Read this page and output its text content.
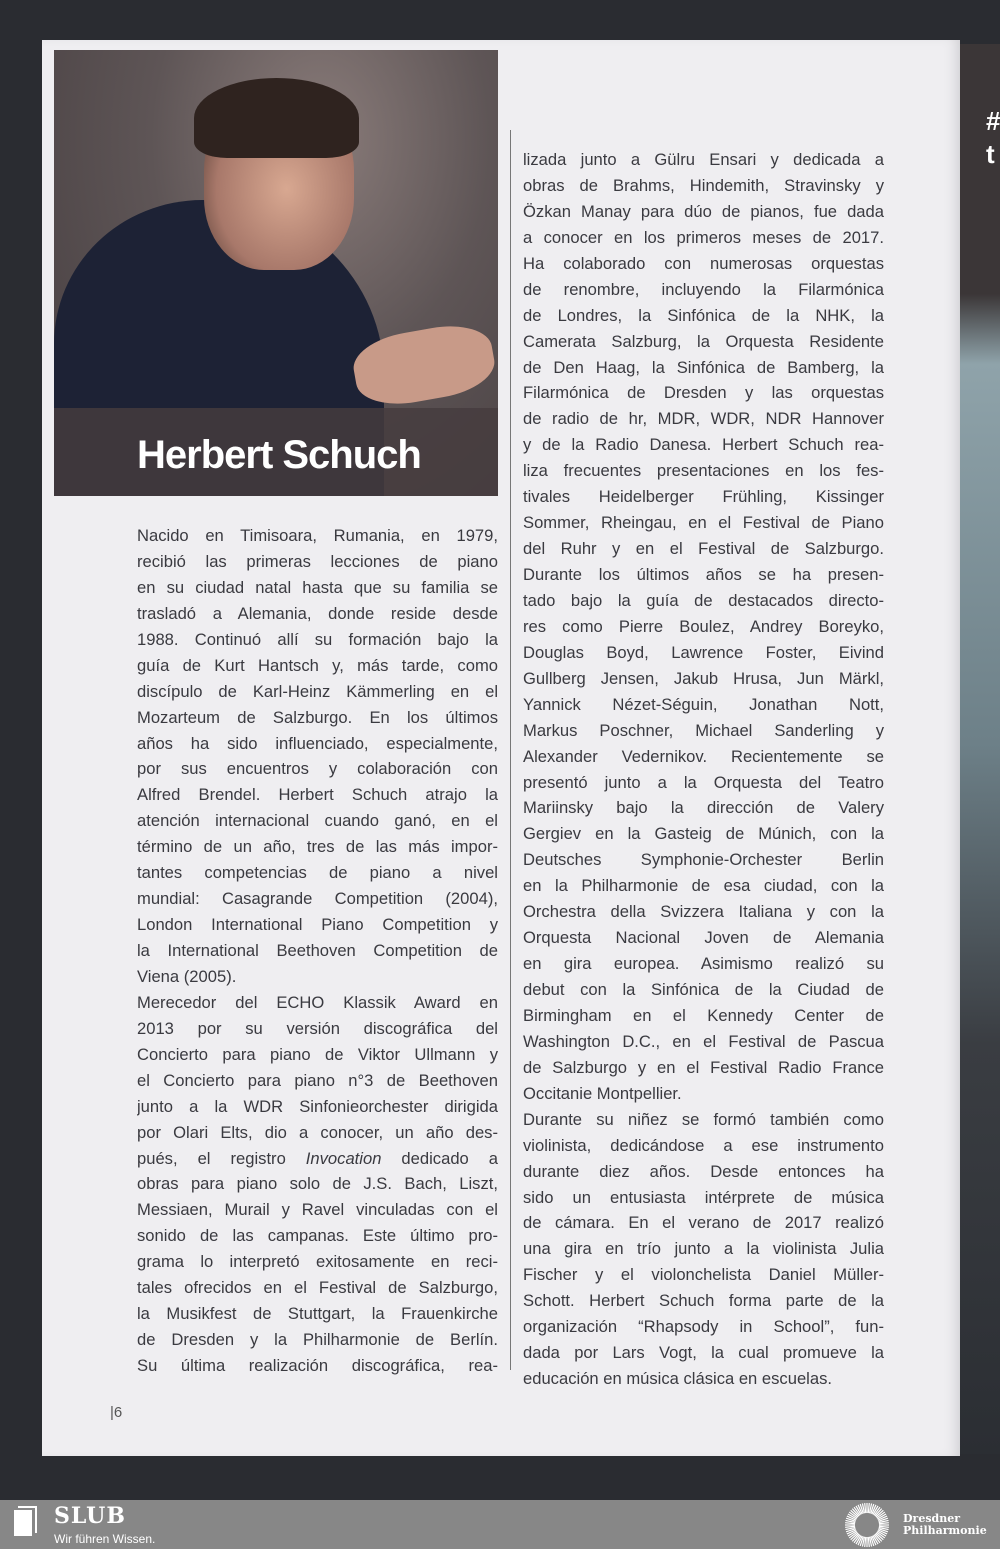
#
t
Herbert Schuch
Nacido en Timisoara, Rumania, en 1979,
recibió las primeras lecciones de piano
en su ciudad natal hasta que su familia se
trasladó a Alemania, donde reside desde
1988. Continuó allí su formación bajo la
guía de Kurt Hantsch y, más tarde, como
discípulo de Karl-Heinz Kämmerling en el
Mozarteum de Salzburgo. En los últimos
años ha sido influenciado, especialmente,
por sus encuentros y colaboración con
Alfred Brendel. Herbert Schuch atrajo la
atención internacional cuando ganó, en el
término de un año, tres de las más impor-
tantes competencias de piano a nivel
mundial: Casagrande Competition (2004),
London International Piano Competition y
la International Beethoven Competition de
Viena (2005).
Merecedor del ECHO Klassik Award en
2013 por su versión discográfica del
Concierto para piano de Viktor Ullmann y
el Concierto para piano n°3 de Beethoven
junto a la WDR Sinfonieorchester dirigida
por Olari Elts, dio a conocer, un año des-
pués, el registro Invocation dedicado a
obras para piano solo de J.S. Bach, Liszt,
Messiaen, Murail y Ravel vinculadas con el
sonido de las campanas. Este último pro-
grama lo interpretó exitosamente en reci-
tales ofrecidos en el Festival de Salzburgo,
la Musikfest de Stuttgart, la Frauenkirche
de Dresden y la Philharmonie de Berlín.
Su última realización discográfica, rea-
lizada junto a Gülru Ensari y dedicada a
obras de Brahms, Hindemith, Stravinsky y
Özkan Manay para dúo de pianos, fue dada
a conocer en los primeros meses de 2017.
Ha colaborado con numerosas orquestas
de renombre, incluyendo la Filarmónica
de Londres, la Sinfónica de la NHK, la
Camerata Salzburg, la Orquesta Residente
de Den Haag, la Sinfónica de Bamberg, la
Filarmónica de Dresden y las orquestas
de radio de hr, MDR, WDR, NDR Hannover
y de la Radio Danesa. Herbert Schuch rea-
liza frecuentes presentaciones en los fes-
tivales Heidelberger Frühling, Kissinger
Sommer, Rheingau, en el Festival de Piano
del Ruhr y en el Festival de Salzburgo.
Durante los últimos años se ha presen-
tado bajo la guía de destacados directo-
res como Pierre Boulez, Andrey Boreyko,
Douglas Boyd, Lawrence Foster, Eivind
Gullberg Jensen, Jakub Hrusa, Jun Märkl,
Yannick Nézet-Séguin, Jonathan Nott,
Markus Poschner, Michael Sanderling y
Alexander Vedernikov. Recientemente se
presentó junto a la Orquesta del Teatro
Mariinsky bajo la dirección de Valery
Gergiev en la Gasteig de Múnich, con la
Deutsches Symphonie-Orchester Berlin
en la Philharmonie de esa ciudad, con la
Orchestra della Svizzera Italiana y con la
Orquesta Nacional Joven de Alemania
en gira europea. Asimismo realizó su
debut con la Sinfónica de la Ciudad de
Birmingham en el Kennedy Center de
Washington D.C., en el Festival de Pascua
de Salzburgo y en el Festival Radio France
Occitanie Montpellier.
Durante su niñez se formó también como
violinista, dedicándose a ese instrumento
durante diez años. Desde entonces ha
sido un entusiasta intérprete de música
de cámara. En el verano de 2017 realizó
una gira en trío junto a la violinista Julia
Fischer y el violonchelista Daniel Müller-
Schott. Herbert Schuch forma parte de la
organización “Rhapsody in School”, fun-
dada por Lars Vogt, la cual promueve la
educación en música clásica en escuelas.
|6
SLUB
Wir führen Wissen.
Dresdner
Philharmonie
